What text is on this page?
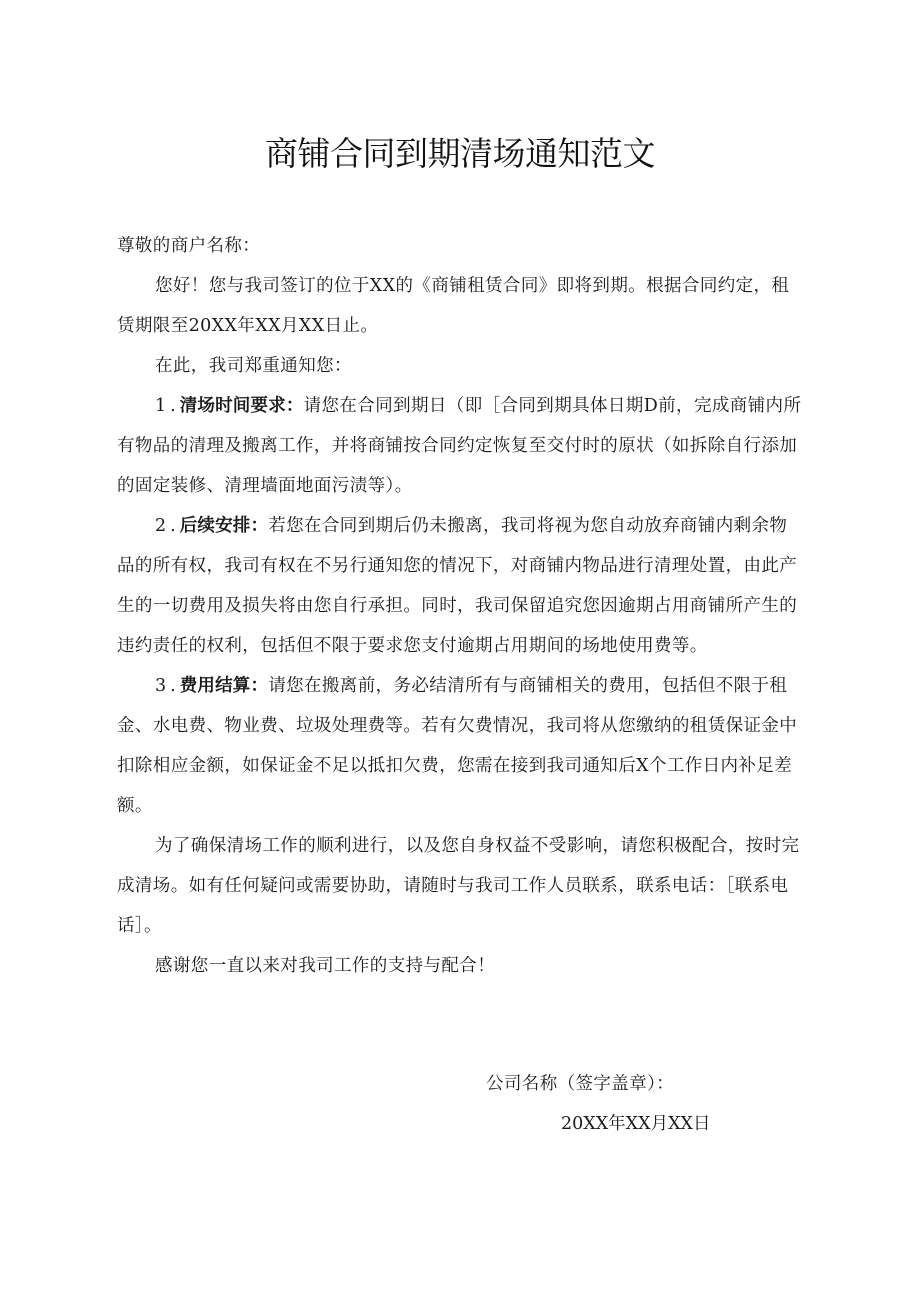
商铺合同到期清场通知范文

尊敬的商户名称：

您好！您与我司签订的位于XX的《商铺租赁合同》即将到期。根据合同约定，租赁期限至20XX年XX月XX日止。

在此，我司郑重通知您：

1.清场时间要求：请您在合同到期日（即［合同到期具体日期D前，完成商铺内所有物品的清理及搬离工作，并将商铺按合同约定恢复至交付时的原状（如拆除自行添加的固定装修、清理墙面地面污渍等）。

2.后续安排：若您在合同到期后仍未搬离，我司将视为您自动放弃商铺内剩余物品的所有权，我司有权在不另行通知您的情况下，对商铺内物品进行清理处置，由此产生的一切费用及损失将由您自行承担。同时，我司保留追究您因逾期占用商铺所产生的违约责任的权利，包括但不限于要求您支付逾期占用期间的场地使用费等。

3.费用结算：请您在搬离前，务必结清所有与商铺相关的费用，包括但不限于租金、水电费、物业费、垃圾处理费等。若有欠费情况，我司将从您缴纳的租赁保证金中扣除相应金额，如保证金不足以抵扣欠费，您需在接到我司通知后X个工作日内补足差额。

为了确保清场工作的顺利进行，以及您自身权益不受影响，请您积极配合，按时完成清场。如有任何疑问或需要协助，请随时与我司工作人员联系，联系电话：［联系电话］。

感谢您一直以来对我司工作的支持与配合！

公司名称（签字盖章）：
20XX年XX月XX日
